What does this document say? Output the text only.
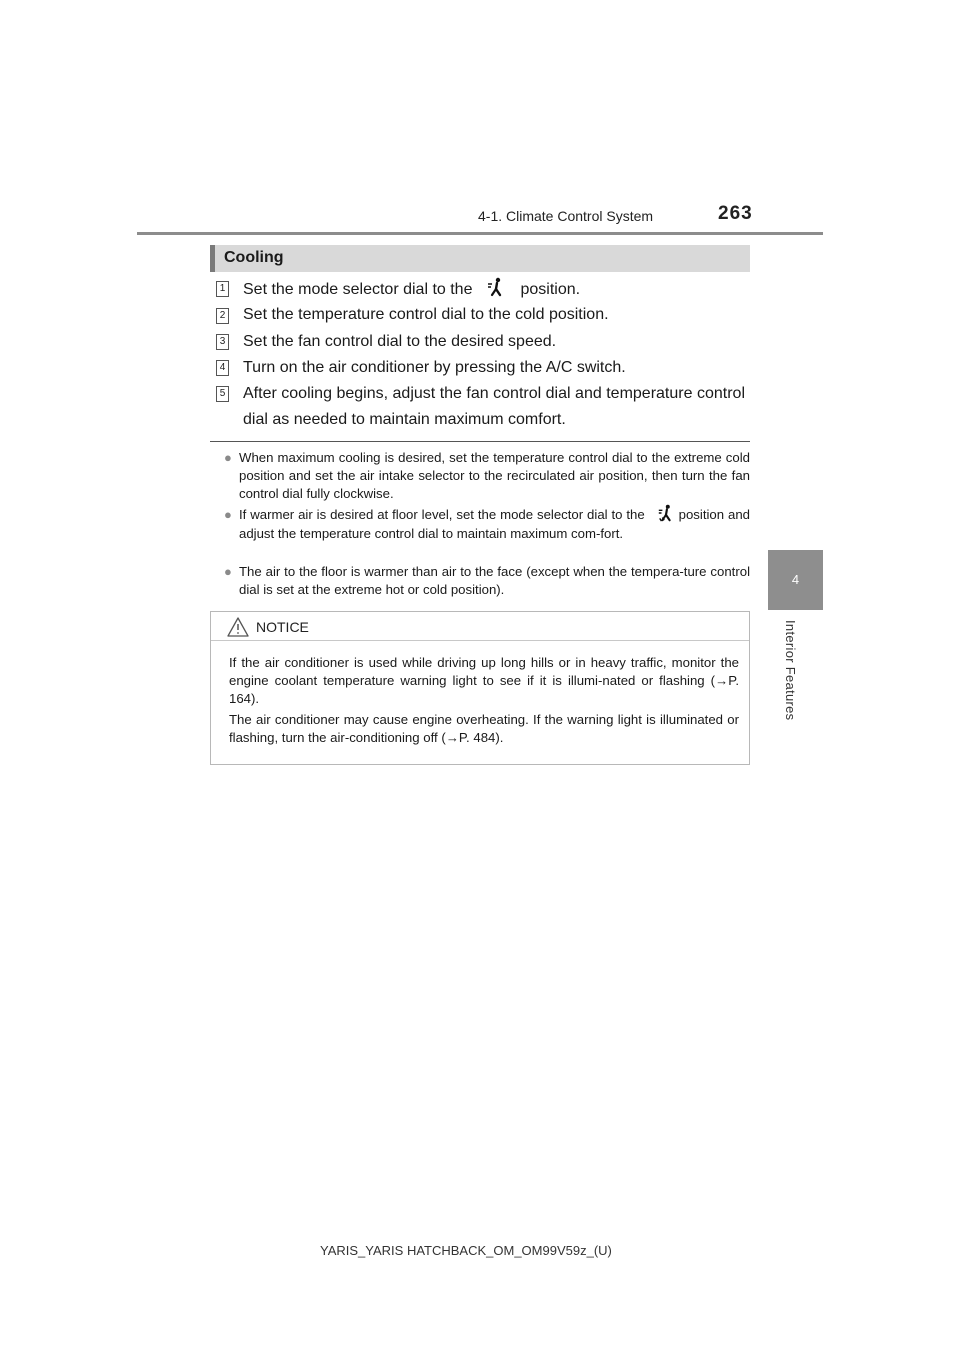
4-1. Climate Control System	263
4
Interior Features
Cooling
1 Set the mode selector dial to the	position.
2 Set the temperature control dial to the cold position.
3 Set the fan control dial to the desired speed.
4 Turn on the air conditioner by pressing the A/C switch.
5 After cooling begins, adjust the fan control dial and temperature control dial as needed to maintain maximum comfort.
● When maximum cooling is desired, set the temperature control dial to the extreme cold position and set the air intake selector to the recirculated air position, then turn the fan control dial fully clockwise.
● If warmer air is desired at floor level, set the mode selector dial to the	position and adjust the temperature control dial to maintain maximum com-fort.
● The air to the floor is warmer than air to the face (except when the tempera-ture control dial is set at the extreme hot or cold position).
NOTICE
If the air conditioner is used while driving up long hills or in heavy traffic, monitor the engine coolant temperature warning light to see if it is illumi-nated or flashing (→P. 164).
The air conditioner may cause engine overheating. If the warning light is illuminated or flashing, turn the air-conditioning off (→P. 484).
YARIS_YARIS HATCHBACK_OM_OM99V59z_(U)
